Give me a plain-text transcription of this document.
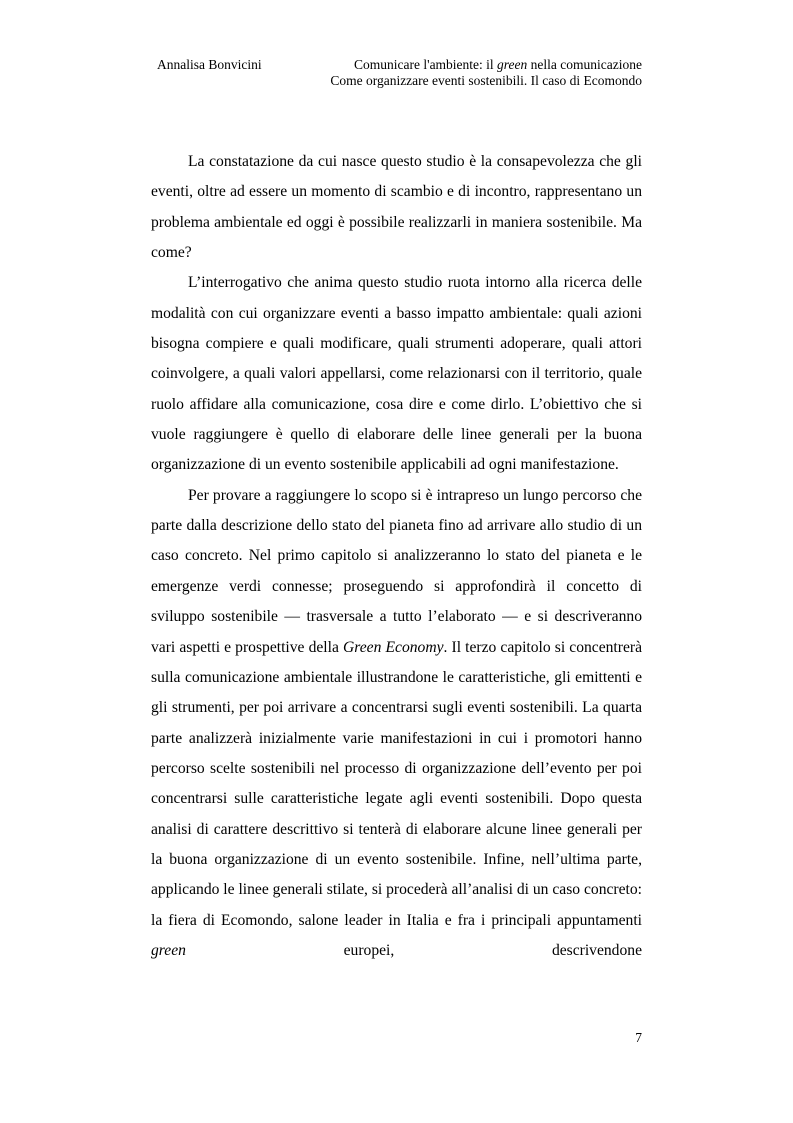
Annalisa Bonvicini	Comunicare l'ambiente: il green nella comunicazione
Come organizzare eventi sostenibili. Il caso di Ecomondo

La constatazione da cui nasce questo studio è la consapevolezza che gli eventi, oltre ad essere un momento di scambio e di incontro, rappresentano un problema ambientale ed oggi è possibile realizzarli in maniera sostenibile. Ma come?

L’interrogativo che anima questo studio ruota intorno alla ricerca delle modalità con cui organizzare eventi a basso impatto ambientale: quali azioni bisogna compiere e quali modificare, quali strumenti adoperare, quali attori coinvolgere, a quali valori appellarsi, come relazionarsi con il territorio, quale ruolo affidare alla comunicazione, cosa dire e come dirlo. L’obiettivo che si vuole raggiungere è quello di elaborare delle linee generali per la buona organizzazione di un evento sostenibile applicabili ad ogni manifestazione.

Per provare a raggiungere lo scopo si è intrapreso un lungo percorso che parte dalla descrizione dello stato del pianeta fino ad arrivare allo studio di un caso concreto. Nel primo capitolo si analizzeranno lo stato del pianeta e le emergenze verdi connesse; proseguendo si approfondirà il concetto di sviluppo sostenibile ― trasversale a tutto l’elaborato ― e si descriveranno vari aspetti e prospettive della Green Economy. Il terzo capitolo si concentrerà sulla comunicazione ambientale illustrandone le caratteristiche, gli emittenti e gli strumenti, per poi arrivare a concentrarsi sugli eventi sostenibili. La quarta parte analizzerà inizialmente varie manifestazioni in cui i promotori hanno percorso scelte sostenibili nel processo di organizzazione dell’evento per poi concentrarsi sulle caratteristiche legate agli eventi sostenibili. Dopo questa analisi di carattere descrittivo si tenterà di elaborare alcune linee generali per la buona organizzazione di un evento sostenibile. Infine, nell’ultima parte, applicando le linee generali stilate, si procederà all’analisi di un caso concreto: la fiera di Ecomondo, salone leader in Italia e fra i principali appuntamenti green europei, descrivendone

7
